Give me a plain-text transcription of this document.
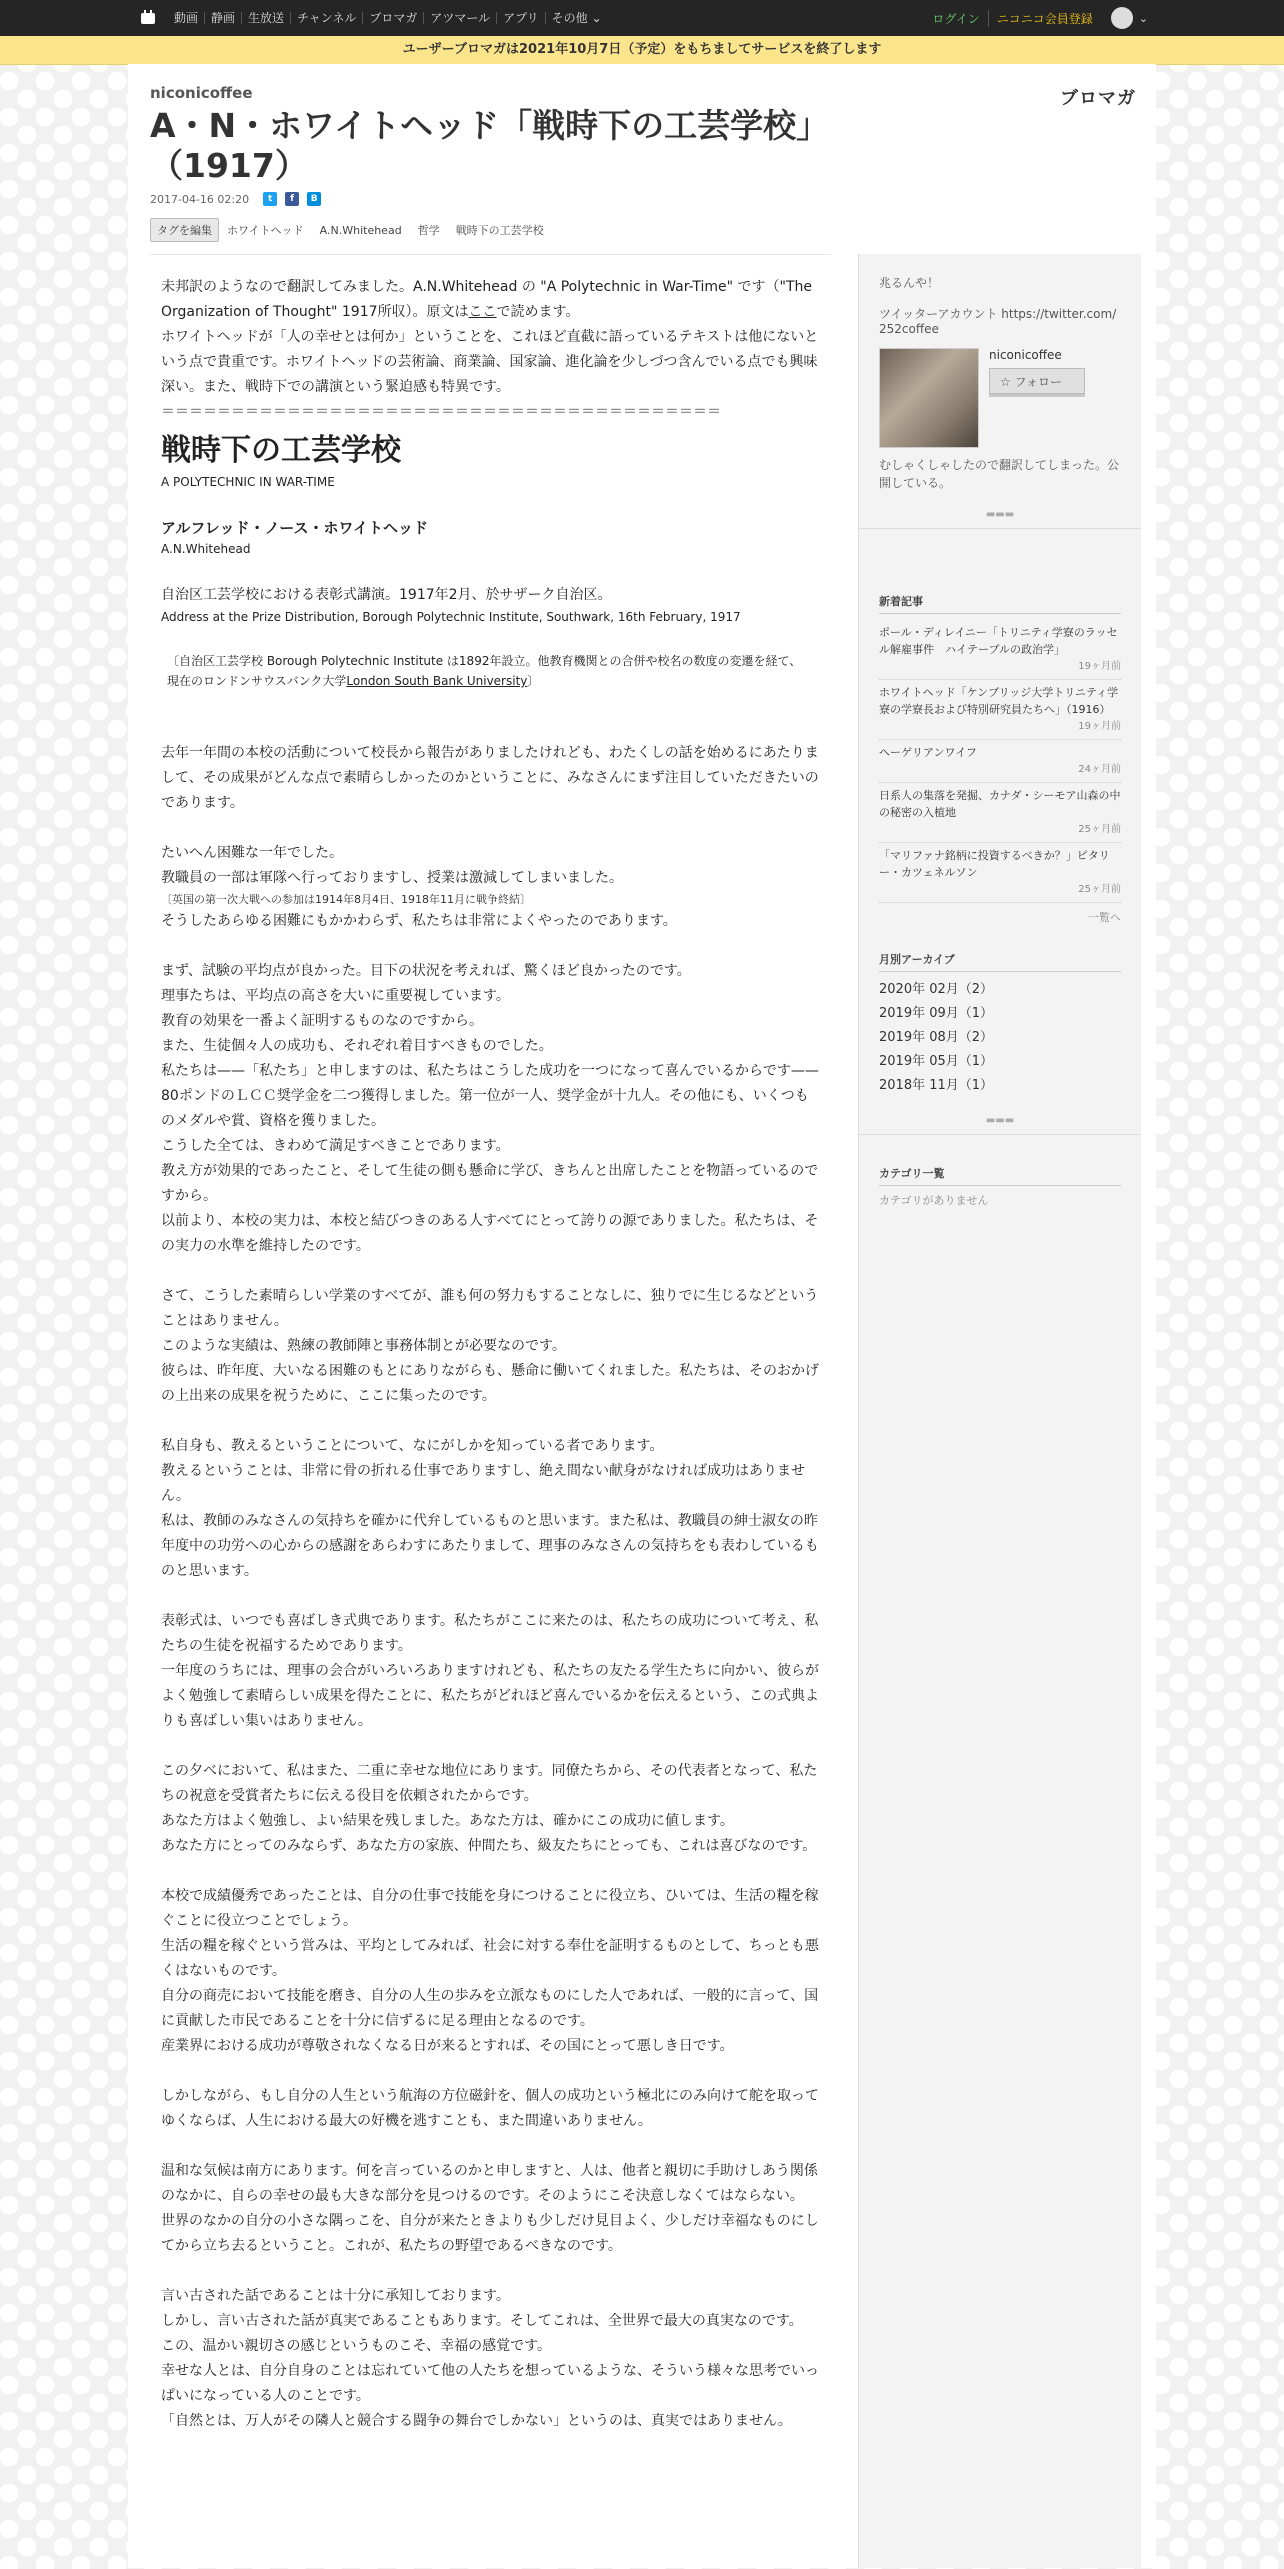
動画	静画	生放送	チャンネル	ブロマガ	アツマール	アプリ	その他 ⌄	ログイン	ニコニコ会員登録	⌄
ユーザーブロマガは2021年10月7日（予定）をもちましてサービスを終了します
niconicoffee	ブロマガ
A・N・ホワイトヘッド「戦時下の工芸学校」（1917）
2017-04-16 02:20	t	f	B
タグを編集	ホワイトヘッド A.N.Whitehead 哲学 戦時下の工芸学校

未邦訳のようなので翻訳してみました。A.N.Whitehead の "A Polytechnic in War-Time" です（"The Organization of Thought" 1917所収）。原文はここで読めます。

ホワイトヘッドが「人の幸せとは何か」ということを、これほど直截に語っているテキストは他にないという点で貴重です。ホワイトヘッドの芸術論、商業論、国家論、進化論を少しづつ含んでいる点でも興味深い。また、戦時下での講演という緊迫感も特異です。

＝＝＝＝＝＝＝＝＝＝＝＝＝＝＝＝＝＝＝＝＝＝＝＝＝＝＝＝＝＝＝＝＝＝＝＝＝＝＝＝

戦時下の工芸学校

A POLYTECHNIC IN WAR-TIME

アルフレッド・ノース・ホワイトヘッド

A.N.Whitehead

自治区工芸学校における表彰式講演。1917年2月、於サザーク自治区。

Address at the Prize Distribution, Borough Polytechnic Institute, Southwark, 16th February, 1917

〔自治区工芸学校 Borough Polytechnic Institute は1892年設立。他教育機関との合併や校名の数度の変遷を経て、現在のロンドンサウスバンク大学London South Bank University〕

去年一年間の本校の活動について校長から報告がありましたけれども、わたくしの話を始めるにあたりまして、その成果がどんな点で素晴らしかったのかということに、みなさんにまず注目していただきたいのであります。

たいへん困難な一年でした。

教職員の一部は軍隊へ行っておりますし、授業は激減してしまいました。

〔英国の第一次大戦への参加は1914年8月4日、1918年11月に戦争終結〕

そうしたあらゆる困難にもかかわらず、私たちは非常によくやったのであります。

まず、試験の平均点が良かった。目下の状況を考えれば、驚くほど良かったのです。

理事たちは、平均点の高さを大いに重要視しています。

教育の効果を一番よく証明するものなのですから。

また、生徒個々人の成功も、それぞれ着目すべきものでした。

私たちは——「私たち」と申しますのは、私たちはこうした成功を一つになって喜んでいるからです——80ポンドのＬＣＣ奨学金を二つ獲得しました。第一位が一人、奨学金が十九人。その他にも、いくつものメダルや賞、資格を獲りました。

こうした全ては、きわめて満足すべきことであります。

教え方が効果的であったこと、そして生徒の側も懸命に学び、きちんと出席したことを物語っているのですから。

以前より、本校の実力は、本校と結びつきのある人すべてにとって誇りの源でありました。私たちは、その実力の水準を維持したのです。

さて、こうした素晴らしい学業のすべてが、誰も何の努力もすることなしに、独りでに生じるなどということはありません。

このような実績は、熟練の教師陣と事務体制とが必要なのです。

彼らは、昨年度、大いなる困難のもとにありながらも、懸命に働いてくれました。私たちは、そのおかげの上出来の成果を祝うために、ここに集ったのです。

私自身も、教えるということについて、なにがしかを知っている者であります。

教えるということは、非常に骨の折れる仕事でありますし、絶え間ない献身がなければ成功はありません。

私は、教師のみなさんの気持ちを確かに代弁しているものと思います。また私は、教職員の紳士淑女の昨年度中の功労への心からの感謝をあらわすにあたりまして、理事のみなさんの気持ちをも表わしているものと思います。

表彰式は、いつでも喜ばしき式典であります。私たちがここに来たのは、私たちの成功について考え、私たちの生徒を祝福するためであります。

一年度のうちには、理事の会合がいろいろありますけれども、私たちの友たる学生たちに向かい、彼らがよく勉強して素晴らしい成果を得たことに、私たちがどれほど喜んでいるかを伝えるという、この式典よりも喜ばしい集いはありません。

この夕べにおいて、私はまた、二重に幸せな地位にあります。同僚たちから、その代表者となって、私たちの祝意を受賞者たちに伝える役目を依頼されたからです。

あなた方はよく勉強し、よい結果を残しました。あなた方は、確かにこの成功に値します。

あなた方にとってのみならず、あなた方の家族、仲間たち、級友たちにとっても、これは喜びなのです。

本校で成績優秀であったことは、自分の仕事で技能を身につけることに役立ち、ひいては、生活の糧を稼ぐことに役立つことでしょう。

生活の糧を稼ぐという営みは、平均としてみれば、社会に対する奉仕を証明するものとして、ちっとも悪くはないものです。

自分の商売において技能を磨き、自分の人生の歩みを立派なものにした人であれば、一般的に言って、国に貢献した市民であることを十分に信ずるに足る理由となるのです。

産業界における成功が尊敬されなくなる日が来るとすれば、その国にとって悪しき日です。

しかしながら、もし自分の人生という航海の方位磁針を、個人の成功という極北にのみ向けて舵を取ってゆくならば、人生における最大の好機を逃すことも、また間違いありません。

温和な気候は南方にあります。何を言っているのかと申しますと、人は、他者と親切に手助けしあう関係のなかに、自らの幸せの最も大きな部分を見つけるのです。そのようにこそ決意しなくてはならない。

世界のなかの自分の小さな隅っこを、自分が来たときよりも少しだけ見目よく、少しだけ幸福なものにしてから立ち去るということ。これが、私たちの野望であるべきなのです。

言い古された話であることは十分に承知しております。

しかし、言い古された話が真実であることもあります。そしてこれは、全世界で最大の真実なのです。

この、温かい親切さの感じというものこそ、幸福の感覚です。

幸せな人とは、自分自身のことは忘れていて他の人たちを想っているような、そういう様々な思考でいっぱいになっている人のことです。

「自然とは、万人がその隣人と競合する闘争の舞台でしかない」というのは、真実ではありません。

兆るんや！
ツイッターアカウント https://twitter.com/252coffee
niconicoffee
☆ フォロー
むしゃくしゃしたので翻訳してしまった。公開している。
▬▬▬
新着記事
ポール・ディレイニー「トリニティ学寮のラッセル解雇事件　ハイテーブルの政治学」
19ヶ月前
ホワイトヘッド「ケンブリッジ大学トリニティ学寮の学寮長および特別研究員たちへ」（1916）
19ヶ月前
ヘーゲリアンワイフ
24ヶ月前
日系人の集落を発掘、カナダ・シーモア山森の中の秘密の入植地
25ヶ月前
「マリファナ銘柄に投資するべきか？」ピタリー・カツェネルソン
25ヶ月前
一覧へ
月別アーカイブ
2020年 02月（2）
2019年 09月（1）
2019年 08月（2）
2019年 05月（1）
2018年 11月（1）
▬▬▬
カテゴリ一覧
カテゴリがありません
